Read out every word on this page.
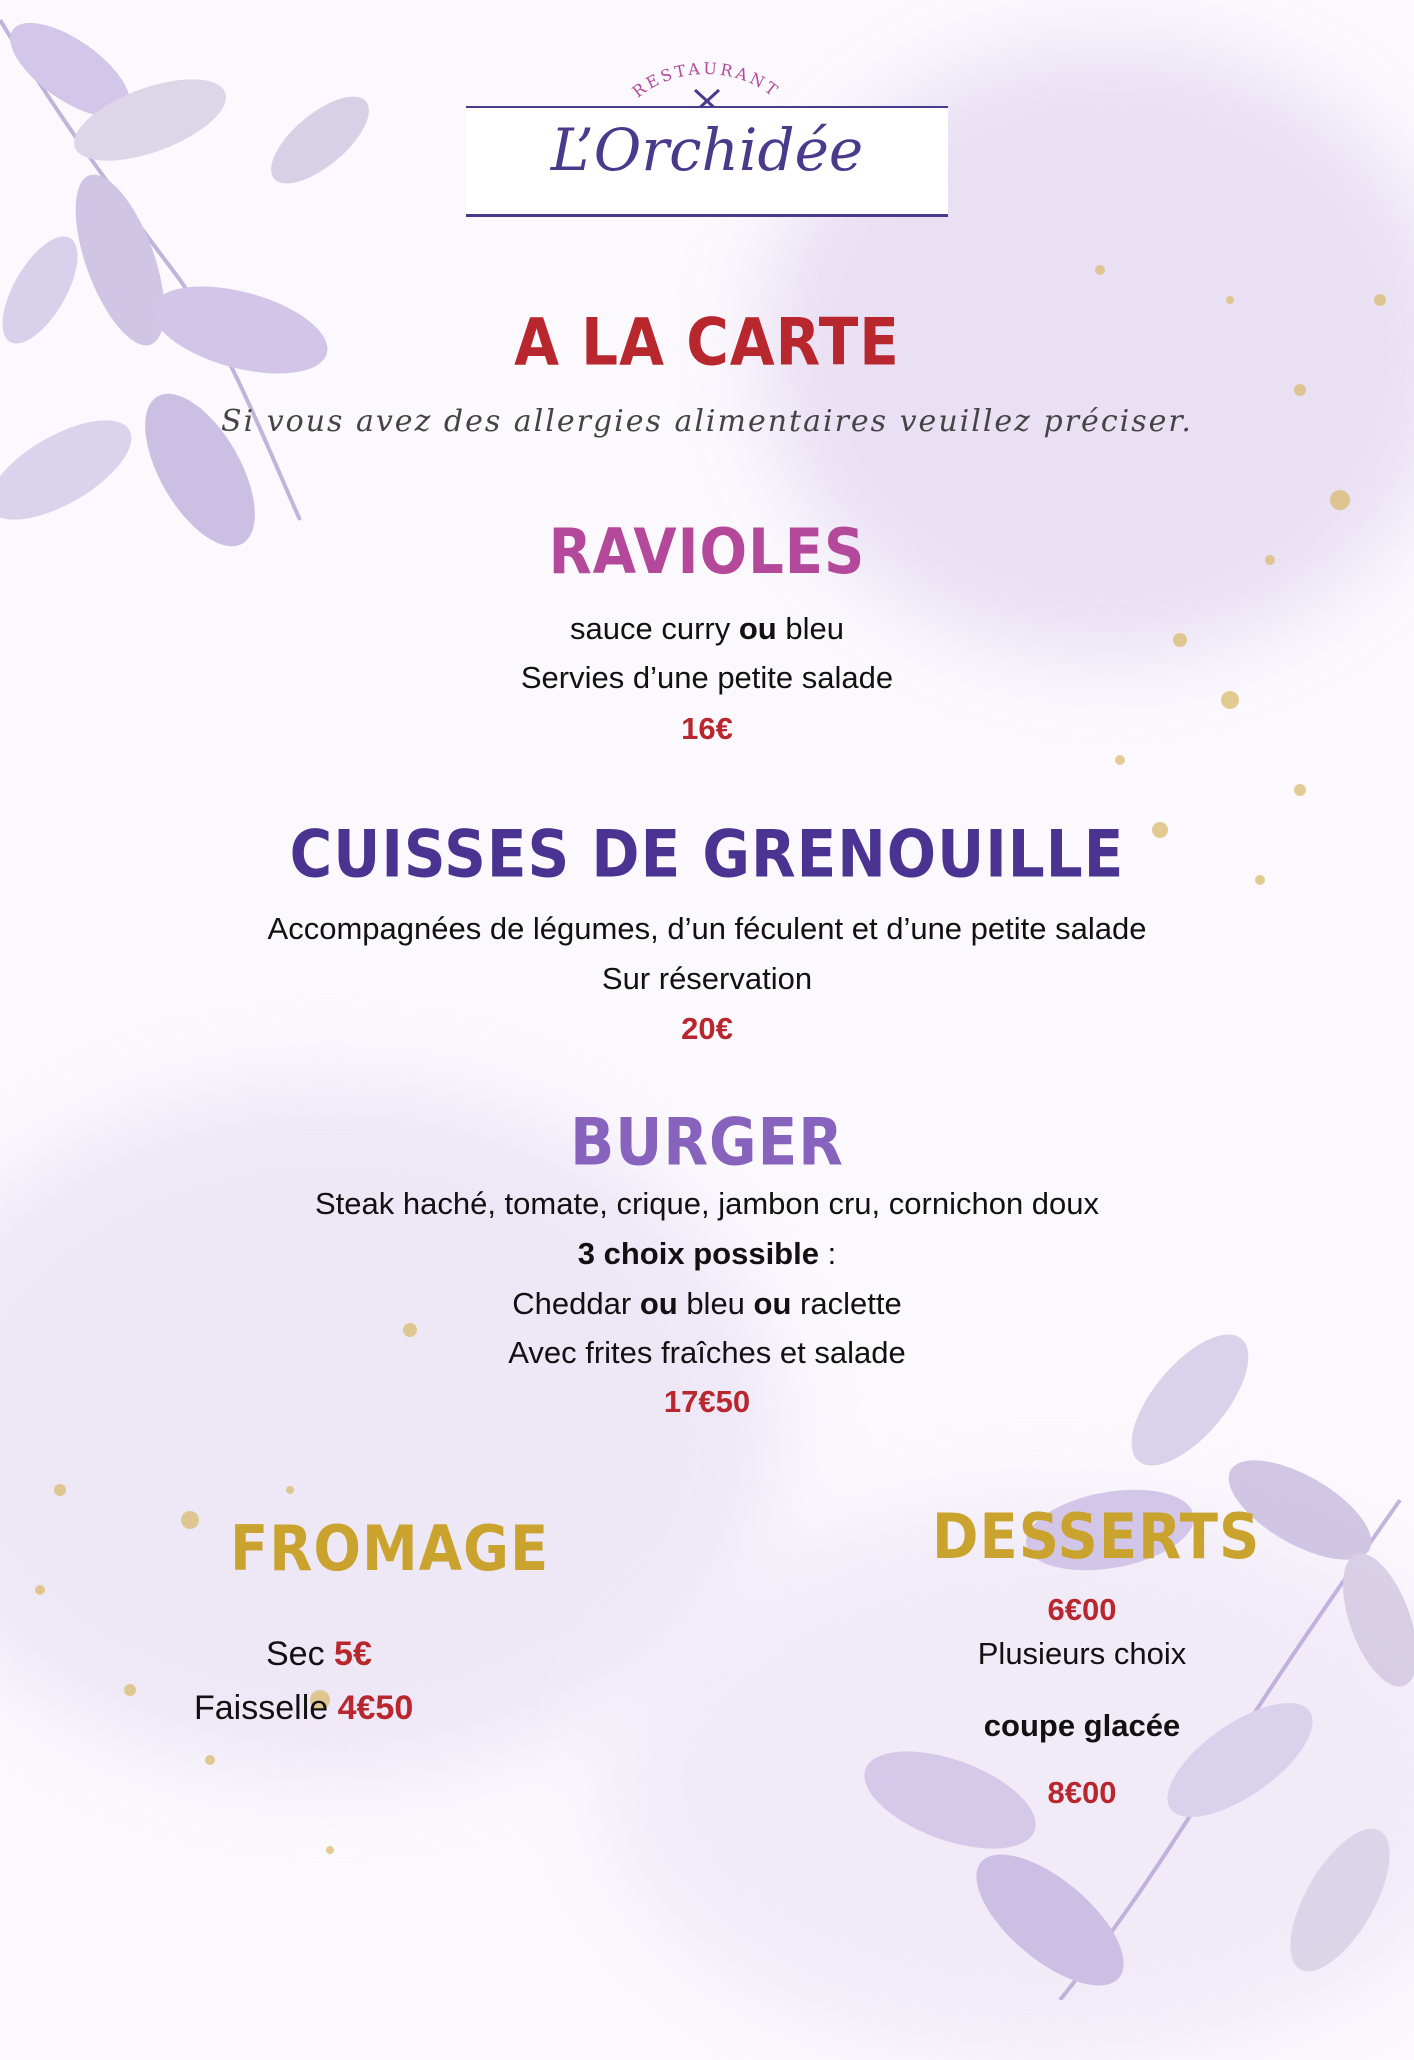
RESTAURANT
L’Orchidée
A LA CARTE
Si vous avez des allergies alimentaires veuillez préciser.
RAVIOLES
sauce curry ou bleu
Servies d’une petite salade
16€
CUISSES DE GRENOUILLE
Accompagnées de légumes, d’un féculent et d’une petite salade
Sur réservation
20€
BURGER
Steak haché, tomate, crique, jambon cru, cornichon doux
3 choix possible :
Cheddar ou bleu ou raclette
Avec frites fraîches et salade
17€50
FROMAGE
Sec 5€
Faisselle 4€50
DESSERTS
6€00
Plusieurs choix
coupe glacée
8€00
